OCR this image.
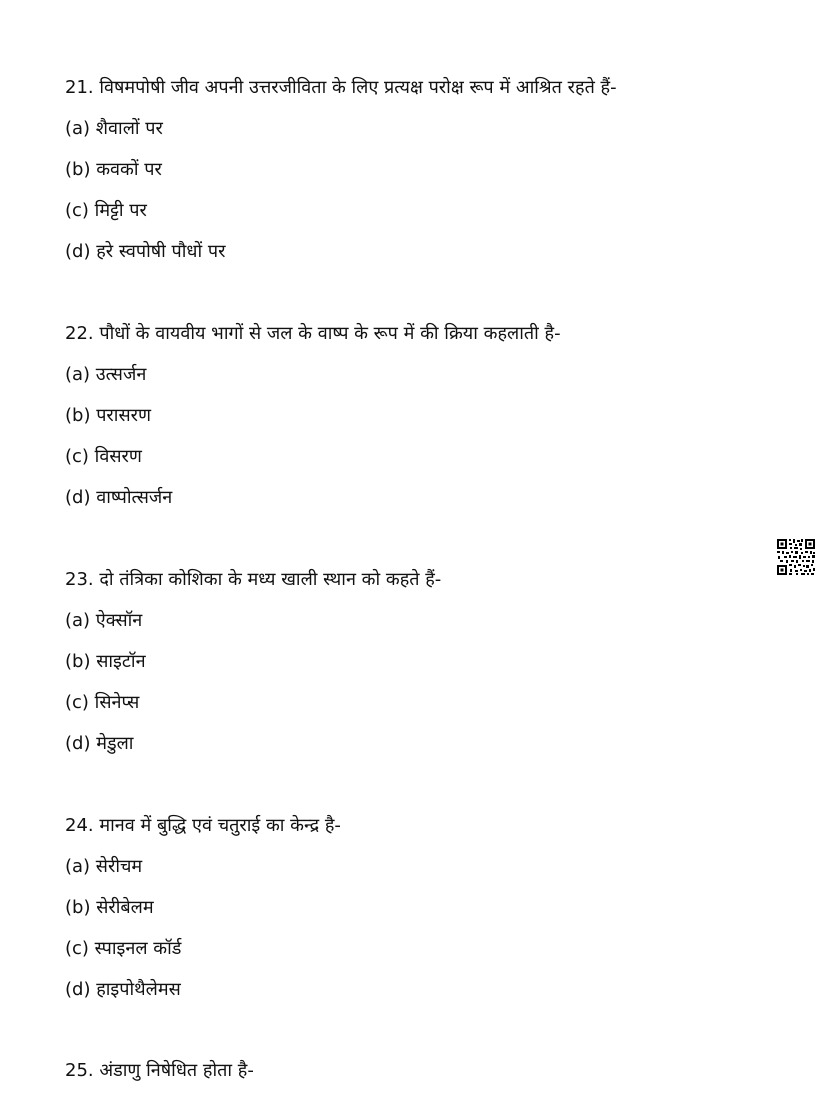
21. विषमपोषी जीव अपनी उत्तरजीविता के लिए प्रत्यक्ष परोक्ष रूप में आश्रित रहते हैं-
(a) शैवालों पर
(b) कवकों पर
(c) मिट्टी पर
(d) हरे स्वपोषी पौधों पर
22. पौधों के वायवीय भागों से जल के वाष्प के रूप में की क्रिया कहलाती है-
(a) उत्सर्जन
(b) परासरण
(c) विसरण
(d) वाष्पोत्सर्जन
23. दो तंत्रिका कोशिका के मध्य खाली स्थान को कहते हैं-
(a) ऐक्सॉन
(b) साइटॉन
(c) सिनेप्स
(d) मेडुला
24. मानव में बुद्धि एवं चतुराई का केन्द्र है-
(a) सेरीचम
(b) सेरीबेलम
(c) स्पाइनल कॉर्ड
(d) हाइपोथैलेमस
25. अंडाणु निषेधित होता है-
